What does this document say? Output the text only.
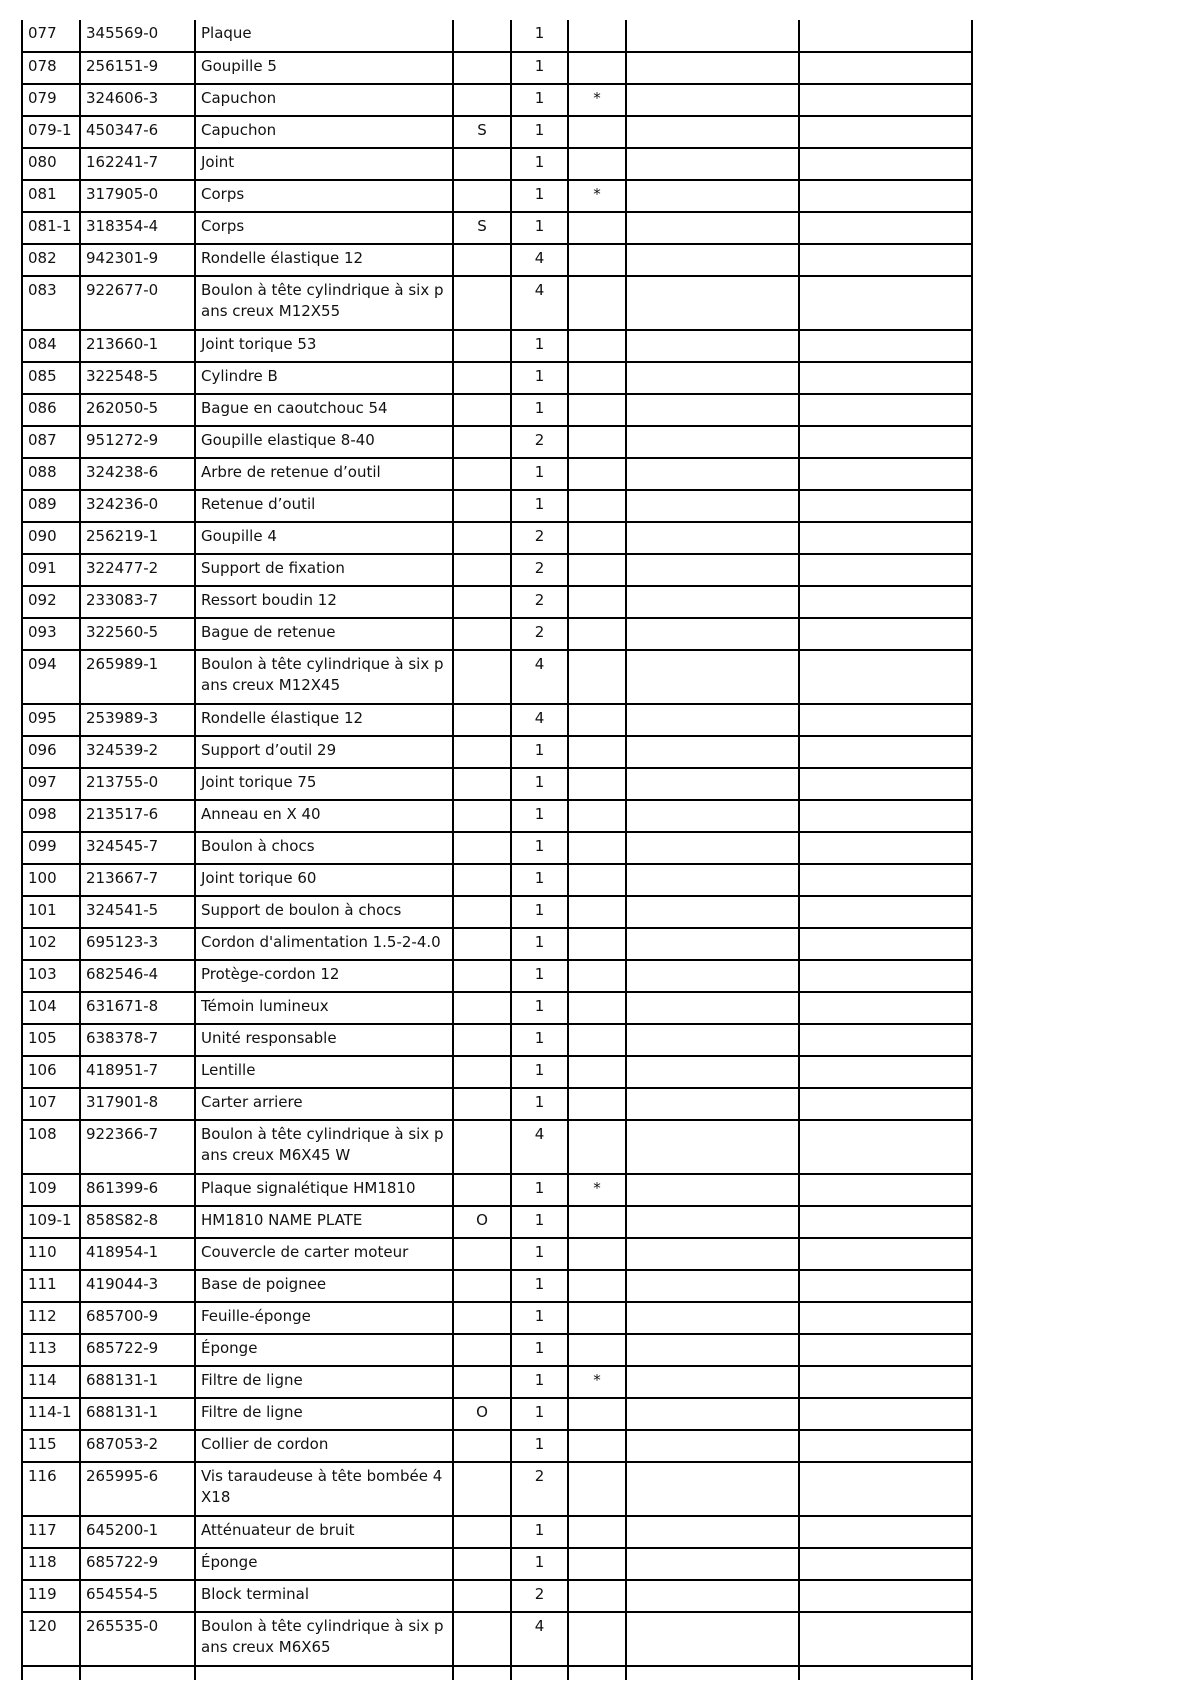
077	345569-0	Plaque		1			
078	256151-9	Goupille 5		1			
079	324606-3	Capuchon		1	*		
079-1	450347-6	Capuchon	S	1			
080	162241-7	Joint		1			
081	317905-0	Corps		1	*		
081-1	318354-4	Corps	S	1			
082	942301-9	Rondelle élastique 12		4			
083	922677-0	Boulon à tête cylindrique à six pans creux M12X55		4			
084	213660-1	Joint torique 53		1			
085	322548-5	Cylindre B		1			
086	262050-5	Bague en caoutchouc 54		1			
087	951272-9	Goupille elastique 8-40		2			
088	324238-6	Arbre de retenue d’outil		1			
089	324236-0	Retenue d’outil		1			
090	256219-1	Goupille 4		2			
091	322477-2	Support de fixation		2			
092	233083-7	Ressort boudin 12		2			
093	322560-5	Bague de retenue		2			
094	265989-1	Boulon à tête cylindrique à six pans creux M12X45		4			
095	253989-3	Rondelle élastique 12		4			
096	324539-2	Support d’outil 29		1			
097	213755-0	Joint torique 75		1			
098	213517-6	Anneau en X 40		1			
099	324545-7	Boulon à chocs		1			
100	213667-7	Joint torique 60		1			
101	324541-5	Support de boulon à chocs		1			
102	695123-3	Cordon d'alimentation 1.5-2-4.0		1			
103	682546-4	Protège-cordon 12		1			
104	631671-8	Témoin lumineux		1			
105	638378-7	Unité responsable		1			
106	418951-7	Lentille		1			
107	317901-8	Carter arriere		1			
108	922366-7	Boulon à tête cylindrique à six pans creux M6X45 W		4			
109	861399-6	Plaque signalétique HM1810		1	*		
109-1	858S82-8	HM1810 NAME PLATE	O	1			
110	418954-1	Couvercle de carter moteur		1			
111	419044-3	Base de poignee		1			
112	685700-9	Feuille-éponge		1			
113	685722-9	Éponge		1			
114	688131-1	Filtre de ligne		1	*		
114-1	688131-1	Filtre de ligne	O	1			
115	687053-2	Collier de cordon		1			
116	265995-6	Vis taraudeuse à tête bombée 4X18		2			
117	645200-1	Atténuateur de bruit		1			
118	685722-9	Éponge		1			
119	654554-5	Block terminal		2			
120	265535-0	Boulon à tête cylindrique à six pans creux M6X65		4			
